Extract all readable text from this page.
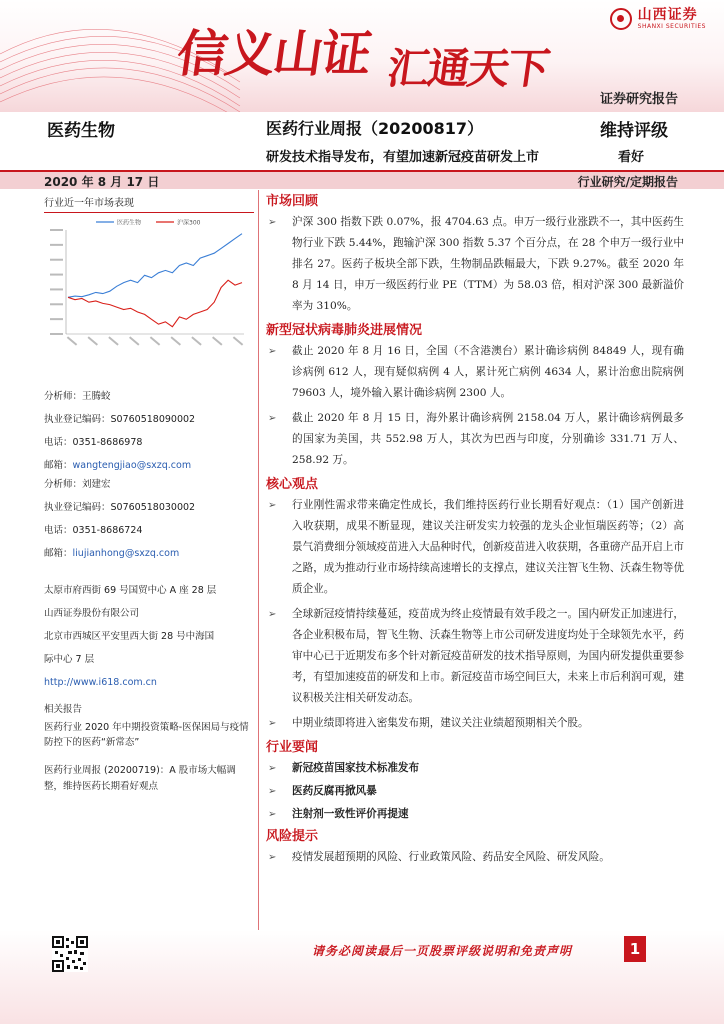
山西证券
SHANXI SECURITIES
信义山证 汇通天下
证券研究报告
医药生物	医药行业周报（20200817）	维持评级
研发技术指导发布，有望加速新冠疫苗研发上市	看好
2020 年 8 月 17 日	行业研究/定期报告
行业近一年市场表现
医药生物	沪深300
分析师：王腾蛟
执业登记编码：S0760518090002
电话：0351-8686978
邮箱：wangtengjiao@sxzq.com
分析师：刘建宏
执业登记编码：S0760518030002
电话：0351-8686724
邮箱：liujianhong@sxzq.com
太原市府西街 69 号国贸中心 A 座 28 层
山西证券股份有限公司
北京市西城区平安里西大街 28 号中海国
际中心 7 层
http://www.i618.com.cn

相关报告

医药行业 2020 年中期投资策略-医保困局与疫情防控下的医药“新常态”

医药行业周报 (20200719)：A 股市场大幅调整，维持医药长期看好观点

市场回顾
➢ 沪深 300 指数下跌 0.07%，报 4704.63 点。申万一级行业涨跌不一，其中医药生物行业下跌 5.44%，跑输沪深 300 指数 5.37 个百分点，在 28 个申万一级行业中排名 27。医药子板块全部下跌，生物制品跌幅最大，下跌 9.27%。截至 2020 年 8 月 14 日，申万一级医药行业 PE（TTM）为 58.03 倍，相对沪深 300 最新溢价率为 310%。
新型冠状病毒肺炎进展情况
➢ 截止 2020 年 8 月 16 日，全国（不含港澳台）累计确诊病例 84849 人，现有确诊病例 612 人，现有疑似病例 4 人，累计死亡病例 4634 人，累计治愈出院病例 79603 人，境外输入累计确诊病例 2300 人。
➢ 截止 2020 年 8 月 15 日，海外累计确诊病例 2158.04 万人，累计确诊病例最多的国家为美国，共 552.98 万人，其次为巴西与印度，分别确诊 331.71 万人、258.92 万。
核心观点
➢ 行业刚性需求带来确定性成长，我们维持医药行业长期看好观点：（1）国产创新进入收获期，成果不断显现，建议关注研发实力较强的龙头企业恒瑞医药等；（2）高景气消费细分领域疫苗进入大品种时代，创新疫苗进入收获期，各重磅产品开启上市之路，成为推动行业市场持续高速增长的支撑点，建议关注智飞生物、沃森生物等优质企业。
➢ 全球新冠疫情持续蔓延，疫苗成为终止疫情最有效手段之一。国内研发正加速进行，各企业积极布局，智飞生物、沃森生物等上市公司研发进度均处于全球领先水平，药审中心已于近期发布多个针对新冠疫苗研发的技术指导原则，为国内研发提供重要参考，有望加速疫苗的研发和上市。新冠疫苗市场空间巨大，未来上市后利润可观，建议积极关注相关研发动态。
➢ 中期业绩即将进入密集发布期，建议关注业绩超预期相关个股。
行业要闻
➢ 新冠疫苗国家技术标准发布
➢ 医药反腐再掀风暴
➢ 注射剂一致性评价再提速
风险提示
➢ 疫情发展超预期的风险、行业政策风险、药品安全风险、研发风险。
请务必阅读最后一页股票评级说明和免责声明	1
